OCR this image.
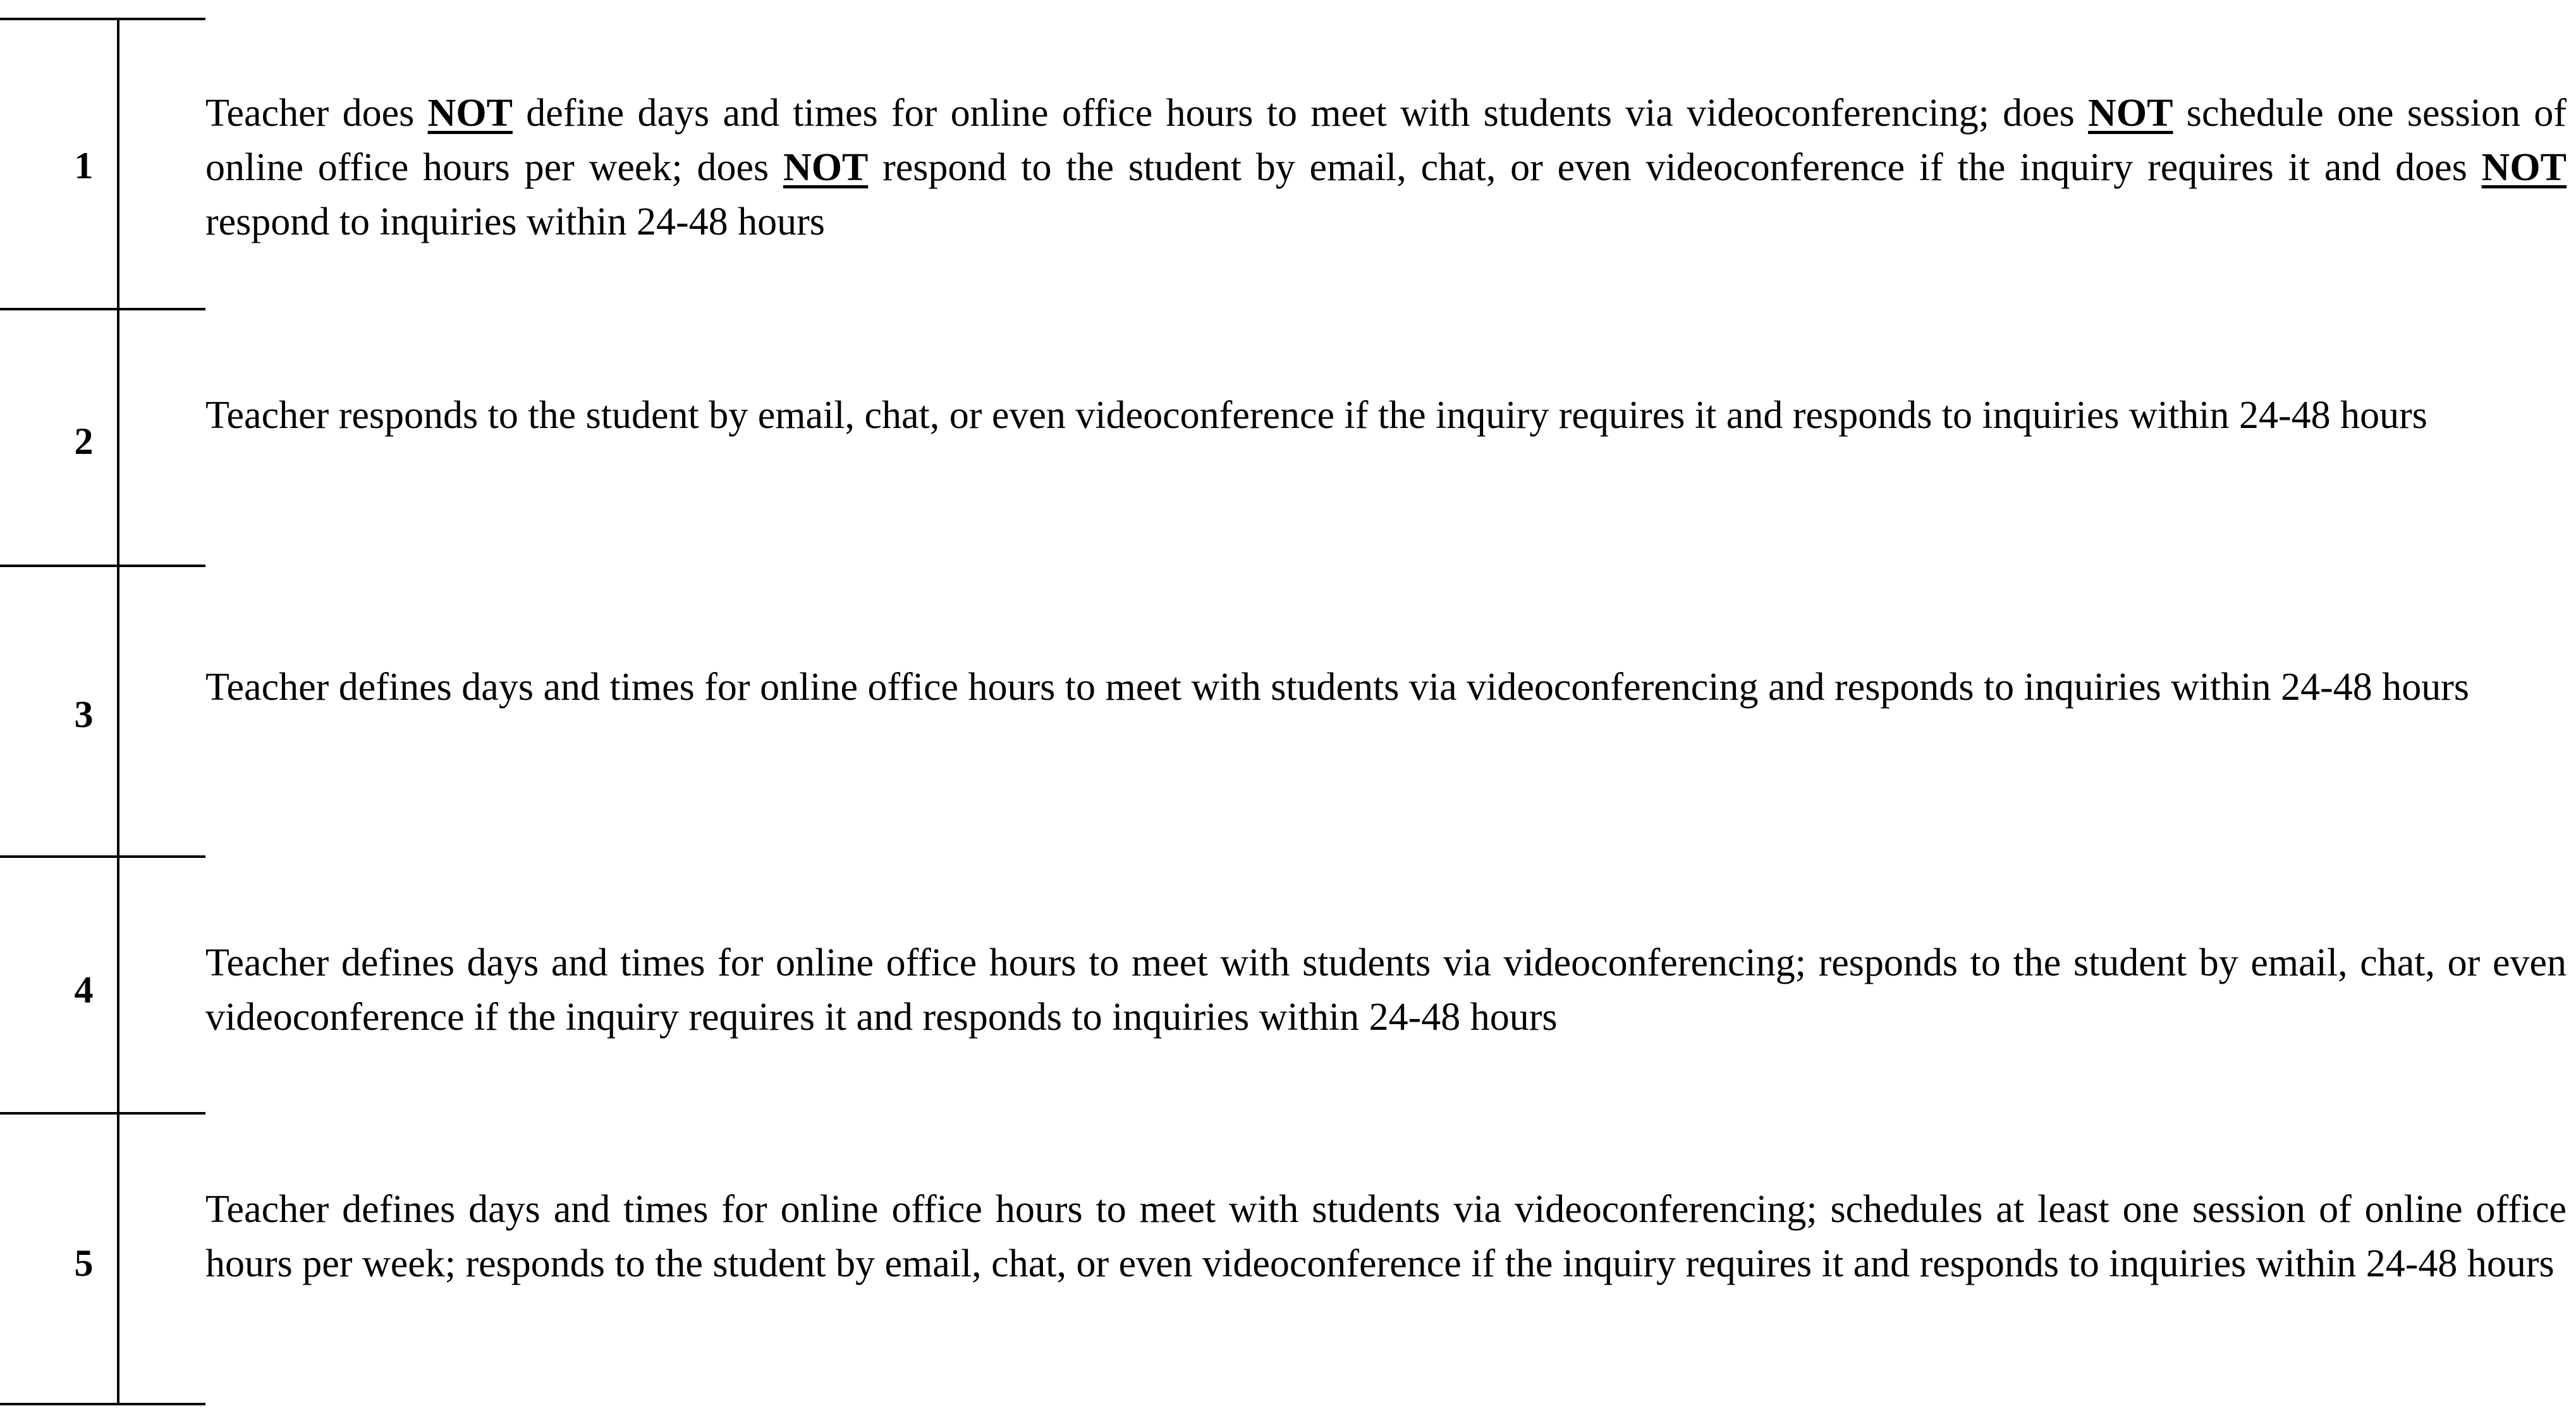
1
Teacher does NOT define days and times for online office hours to meet with students via videoconferencing; does NOT schedule one session of online office hours per week; does NOT respond to the student by email, chat, or even videoconference if the inquiry requires it and does NOT respond to inquiries within 24-48 hours
2
Teacher responds to the student by email, chat, or even videoconference if the inquiry requires it and responds to inquiries within 24-48 hours
3
Teacher defines days and times for online office hours to meet with students via videoconferencing and responds to inquiries within 24-48 hours
4
Teacher defines days and times for online office hours to meet with students via videoconferencing; responds to the student by email, chat, or even videoconference if the inquiry requires it and responds to inquiries within 24-48 hours
5
Teacher defines days and times for online office hours to meet with students via videoconferencing; schedules at least one session of online office hours per week; responds to the student by email, chat, or even videoconference if the inquiry requires it and responds to inquiries within 24-48 hours
